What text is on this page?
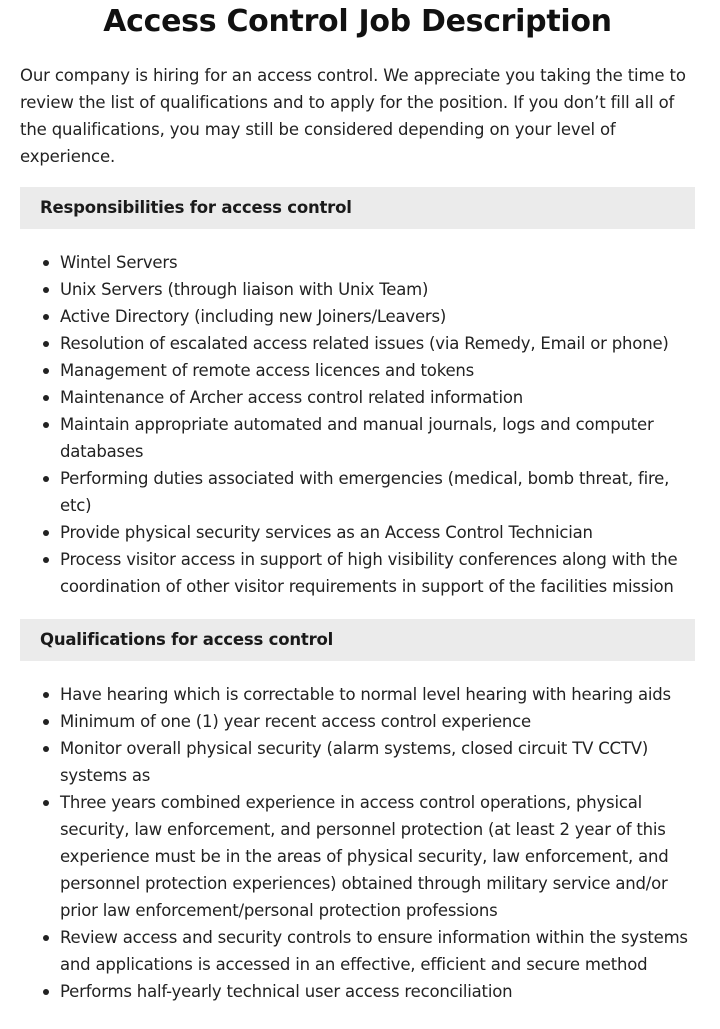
Access Control Job Description

Our company is hiring for an access control. We appreciate you taking the time to review the list of qualifications and to apply for the position. If you don’t fill all of the qualifications, you may still be considered depending on your level of experience.

Responsibilities for access control
Wintel Servers
Unix Servers (through liaison with Unix Team)
Active Directory (including new Joiners/Leavers)
Resolution of escalated access related issues (via Remedy, Email or phone)
Management of remote access licences and tokens
Maintenance of Archer access control related information
Maintain appropriate automated and manual journals, logs and computer databases
Performing duties associated with emergencies (medical, bomb threat, fire, etc)
Provide physical security services as an Access Control Technician
Process visitor access in support of high visibility conferences along with the coordination of other visitor requirements in support of the facilities mission
Qualifications for access control
Have hearing which is correctable to normal level hearing with hearing aids
Minimum of one (1) year recent access control experience
Monitor overall physical security (alarm systems, closed circuit TV CCTV) systems as
Three years combined experience in access control operations, physical security, law enforcement, and personnel protection (at least 2 year of this experience must be in the areas of physical security, law enforcement, and personnel protection experiences) obtained through military service and/or prior law enforcement/personal protection professions
Review access and security controls to ensure information within the systems and applications is accessed in an effective, efficient and secure method
Performs half-yearly technical user access reconciliation
